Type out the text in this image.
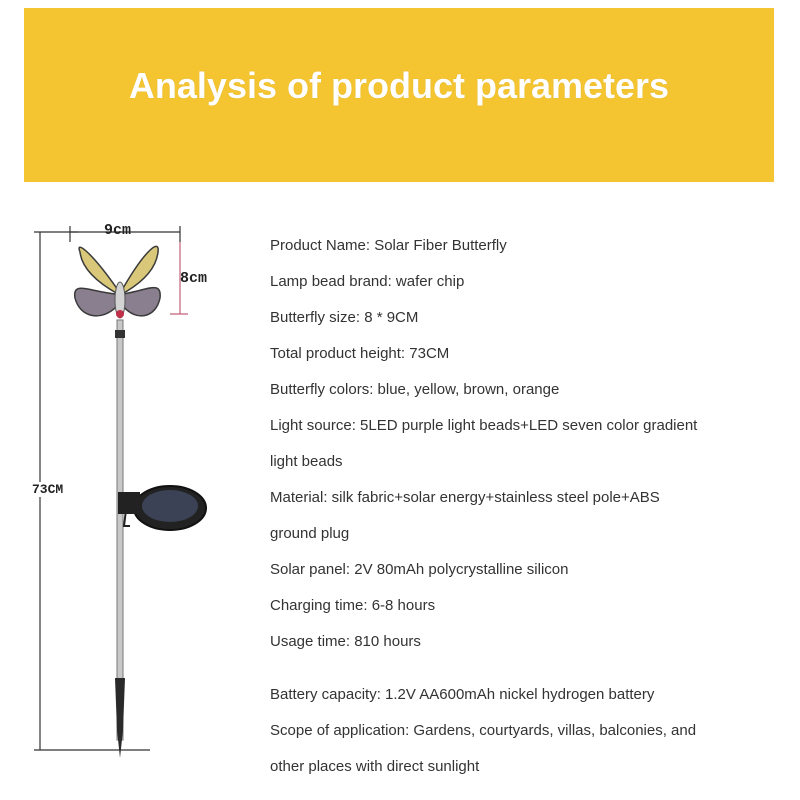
Analysis of product parameters
9cm
8cm
73CM
Product Name: Solar Fiber Butterfly
Lamp bead brand: wafer chip
Butterfly size: 8 * 9CM
Total product height: 73CM
Butterfly colors: blue, yellow, brown, orange
Light source: 5LED purple light beads+LED seven color gradient
light beads
Material: silk fabric+solar energy+stainless steel pole+ABS
ground plug
Solar panel: 2V 80mAh polycrystalline silicon
Charging time: 6-8 hours
Usage time: 810 hours
Battery capacity: 1.2V AA600mAh nickel hydrogen battery
Scope of application: Gardens, courtyards, villas, balconies, and
other places with direct sunlight
